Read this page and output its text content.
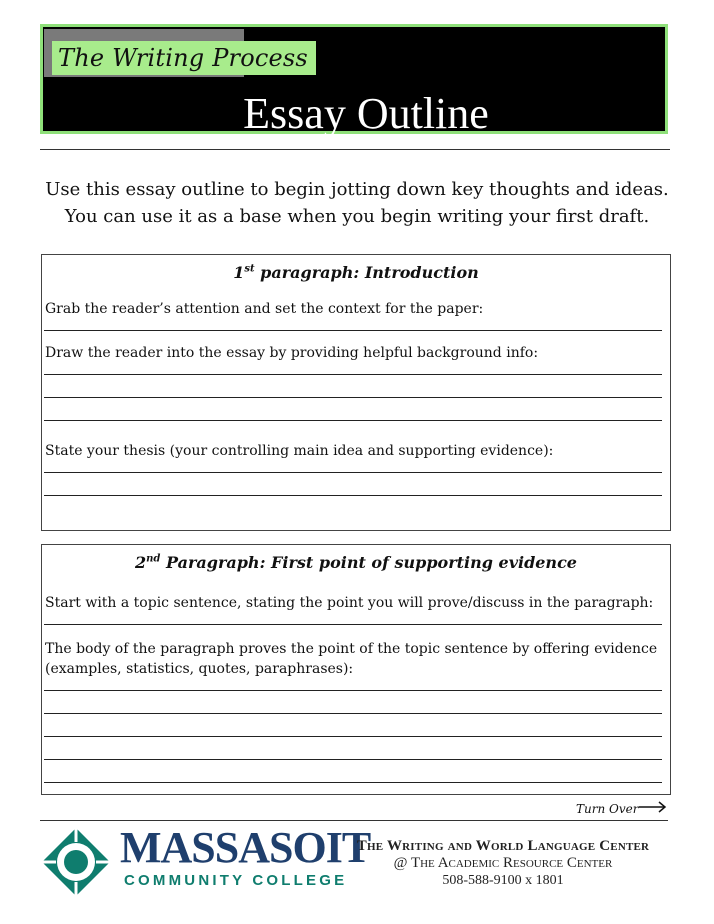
The Writing Process
Essay Outline
Use this essay outline to begin jotting down key thoughts and ideas.
You can use it as a base when you begin writing your first draft.
1st paragraph: Introduction
Grab the reader’s attention and set the context for the paper:
Draw the reader into the essay by providing helpful background info:
State your thesis (your controlling main idea and supporting evidence):
2nd Paragraph: First point of supporting evidence
Start with a topic sentence, stating the point you will prove/discuss in the paragraph:
The body of the paragraph proves the point of the topic sentence by offering evidence (examples, statistics, quotes, paraphrases):
Turn Over
MASSASOIT
COMMUNITY COLLEGE
The Writing and World Language Center
@ The Academic Resource Center
508-588-9100 x 1801
